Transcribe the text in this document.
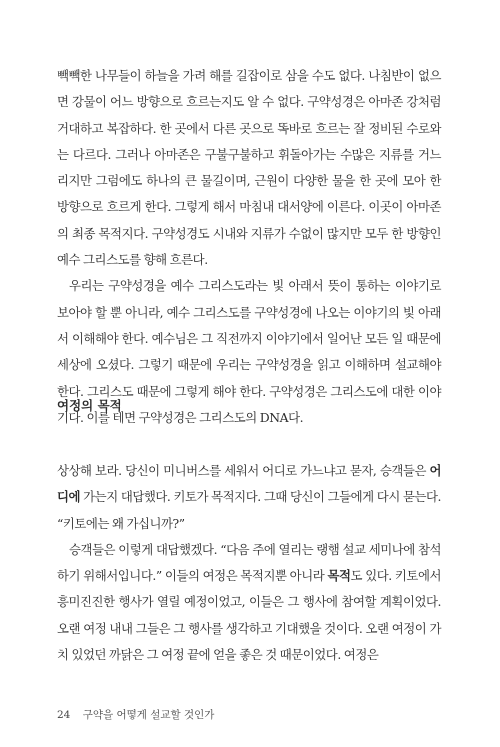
빽빽한 나무들이 하늘을 가려 해를 길잡이로 삼을 수도 없다. 나침반이 없으면 강물이 어느 방향으로 흐르는지도 알 수 없다. 구약성경은 아마존 강처럼 거대하고 복잡하다. 한 곳에서 다른 곳으로 똑바로 흐르는 잘 정비된 수로와는 다르다. 그러나 아마존은 구불구불하고 휘돌아가는 수많은 지류를 거느리지만 그럼에도 하나의 큰 물길이며, 근원이 다양한 물을 한 곳에 모아 한 방향으로 흐르게 한다. 그렇게 해서 마침내 대서양에 이른다. 이곳이 아마존의 최종 목적지다. 구약성경도 시내와 지류가 수없이 많지만 모두 한 방향인 예수 그리스도를 향해 흐른다.

우리는 구약성경을 예수 그리스도라는 빛 아래서 뜻이 통하는 이야기로 보아야 할 뿐 아니라, 예수 그리스도를 구약성경에 나오는 이야기의 빛 아래서 이해해야 한다. 예수님은 그 직전까지 이야기에서 일어난 모든 일 때문에 세상에 오셨다. 그렇기 때문에 우리는 구약성경을 읽고 이해하며 설교해야 한다. 그리스도 때문에 그렇게 해야 한다. 구약성경은 그리스도에 대한 이야기다. 이를 테면 구약성경은 그리스도의 DNA다.

여정의 목적

상상해 보라. 당신이 미니버스를 세워서 어디로 가느냐고 묻자, 승객들은 어디에 가는지 대답했다. 키토가 목적지다. 그때 당신이 그들에게 다시 묻는다. “키토에는 왜 가십니까?”

승객들은 이렇게 대답했겠다. “다음 주에 열리는 랭햄 설교 세미나에 참석하기 위해서입니다.” 이들의 여정은 목적지뿐 아니라 목적도 있다. 키토에서 흥미진진한 행사가 열릴 예정이었고, 이들은 그 행사에 참여할 계획이었다. 오랜 여정 내내 그들은 그 행사를 생각하고 기대했을 것이다. 오랜 여정이 가치 있었던 까닭은 그 여정 끝에 얻을 좋은 것 때문이었다. 여정은

24 구약을 어떻게 설교할 것인가
